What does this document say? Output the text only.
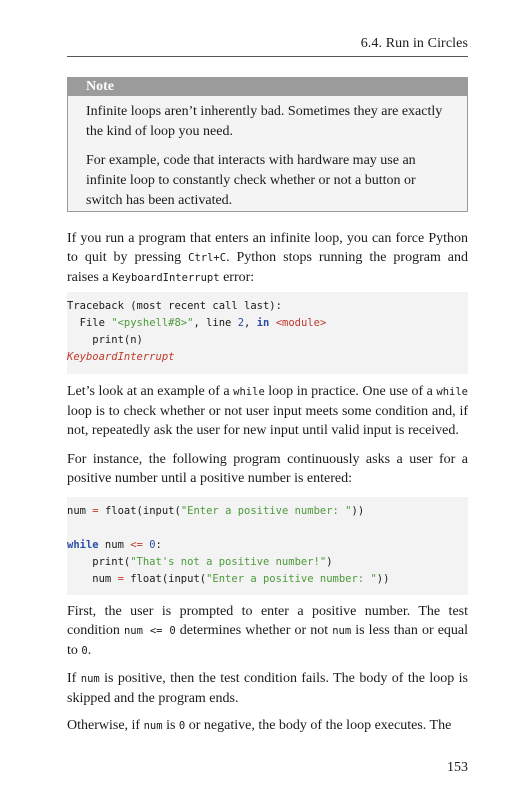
6.4. Run in Circles
Note

Infinite loops aren’t inherently bad. Sometimes they are exactly the kind of loop you need.

For example, code that interacts with hardware may use an infinite loop to constantly check whether or not a button or switch has been activated.

If you run a program that enters an infinite loop, you can force Python to quit by pressing Ctrl+C. Python stops running the program and raises a KeyboardInterrupt error:

Traceback (most recent call last):
File "<pyshell#8>", line 2, in <module>
print(n)
KeyboardInterrupt

Let’s look at an example of a while loop in practice. One use of a while loop is to check whether or not user input meets some condition and, if not, repeatedly ask the user for new input until valid input is received.

For instance, the following program continuously asks a user for a positive number until a positive number is entered:

num = float(input("Enter a positive number: "))
while num <= 0:
print("That's not a positive number!")
num = float(input("Enter a positive number: "))

First, the user is prompted to enter a positive number. The test condition num <= 0 determines whether or not num is less than or equal to 0.

If num is positive, then the test condition fails. The body of the loop is skipped and the program ends.

Otherwise, if num is 0 or negative, the body of the loop executes. The

153
